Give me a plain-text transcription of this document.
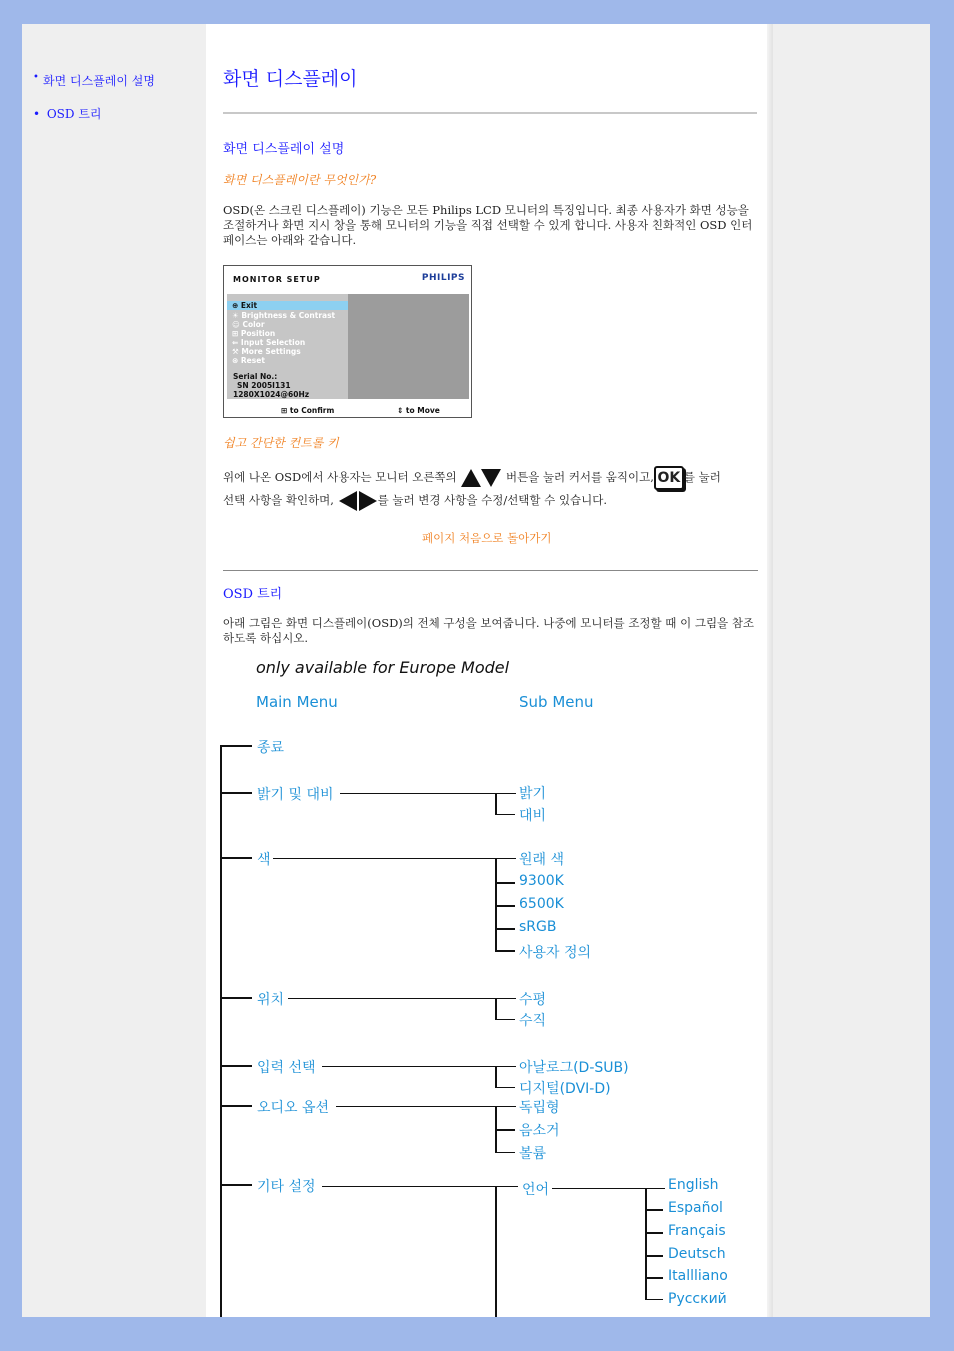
• 화면 디스플레이 설명
• OSD 트리
화면 디스플레이
화면 디스플레이 설명
화면 디스플레이란 무엇인가?
OSD(온 스크린 디스플레이) 기능은 모든 Philips LCD 모니터의 특징입니다. 최종 사용자가 화면 성능을 조절하거나 화면 지시 창을 통해 모니터의 기능을 직접 선택할 수 있게 합니다. 사용자 친화적인 OSD 인터페이스는 아래와 같습니다.
MONITOR SETUP	PHILIPS
⊕ Exit
☀ Brightness & Contrast
☺ Color
⊞ Position
⇐ Input Selection
⚒ More Settings
⊛ Reset
Serial No.:
SN 2005I131
1280X1024@60Hz
⊞ to Confirm	⇕ to Move
쉽고 간단한 컨트롤 키
위에 나온 OSD에서 사용자는 모니터 오른쪽의	버튼을 눌러 커서를 움직이고, OK 를 눌러
선택 사항을 확인하며,	를 눌러 변경 사항을 수정/선택할 수 있습니다.
페이지 처음으로 돌아가기
OSD 트리
아래 그림은 화면 디스플레이(OSD)의 전체 구성을 보여줍니다. 나중에 모니터를 조정할 때 이 그림을 참조하도록 하십시오.
only available for Europe Model
Main Menu	Sub Menu
종료
밝기 및 대비
색
위치
입력 선택
오디오 옵션
기타 설정
밝기
대비
원래 색
9300K
6500K
sRGB
사용자 정의
수평
수직
아날로그(D-SUB)
디지털(DVI-D)
독립형
음소거
볼륨
언어	English
Español
Français
Deutsch
Itallliano
Русский
